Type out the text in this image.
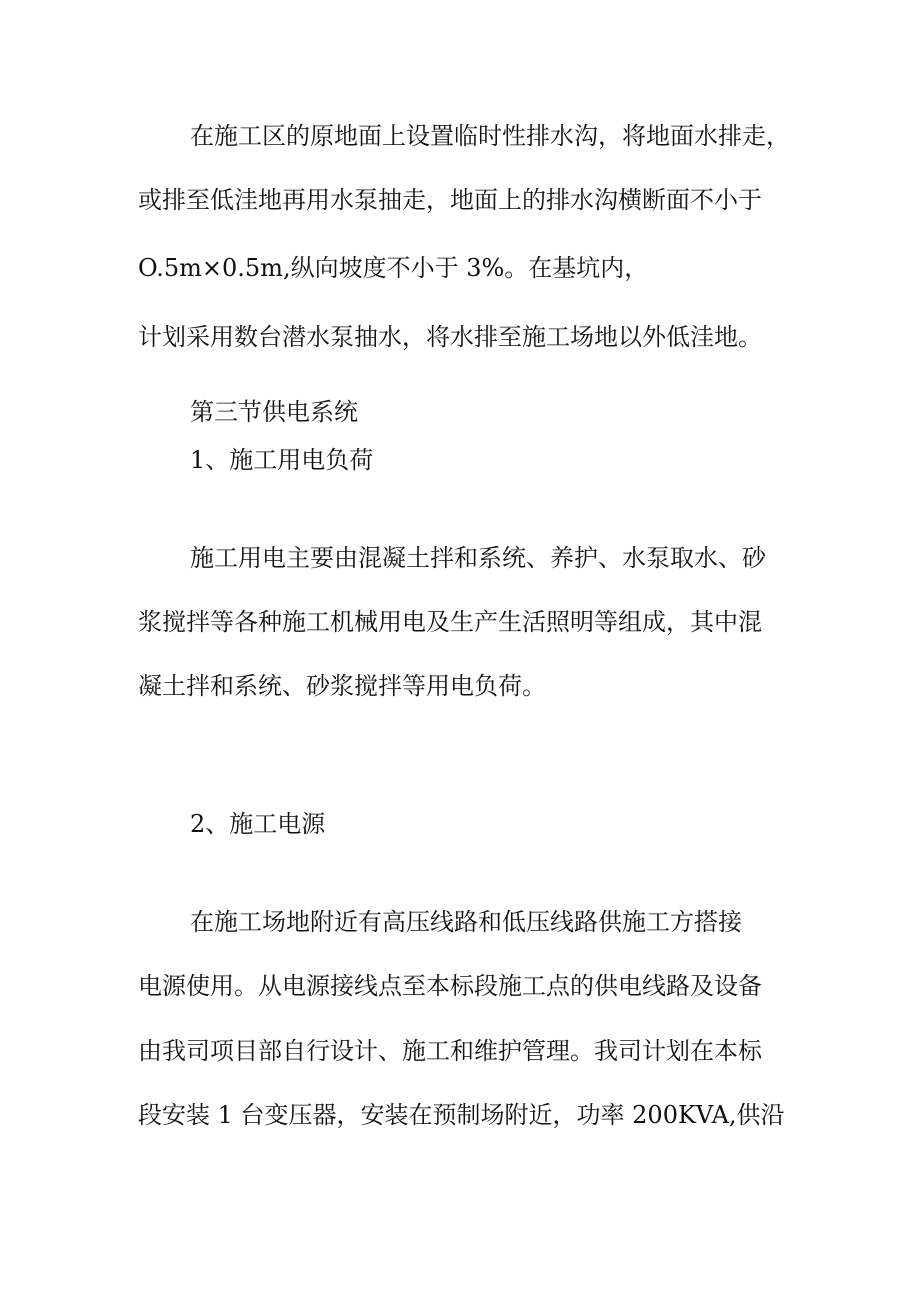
在施工区的原地面上设置临时性排水沟，将地面水排走，
或排至低洼地再用水泵抽走，地面上的排水沟横断面不小于
O.5m×0.5m,纵向坡度不小于 3%。在基坑内，
计划采用数台潜水泵抽水，将水排至施工场地以外低洼地。
第三节供电系统
1、施工用电负荷
施工用电主要由混凝土拌和系统、养护、水泵取水、砂
浆搅拌等各种施工机械用电及生产生活照明等组成，其中混
凝土拌和系统、砂浆搅拌等用电负荷。
2、施工电源
在施工场地附近有高压线路和低压线路供施工方搭接
电源使用。从电源接线点至本标段施工点的供电线路及设备
由我司项目部自行设计、施工和维护管理。我司计划在本标
段安装 1 台变压器，安装在预制场附近，功率 200KVA,供沿
